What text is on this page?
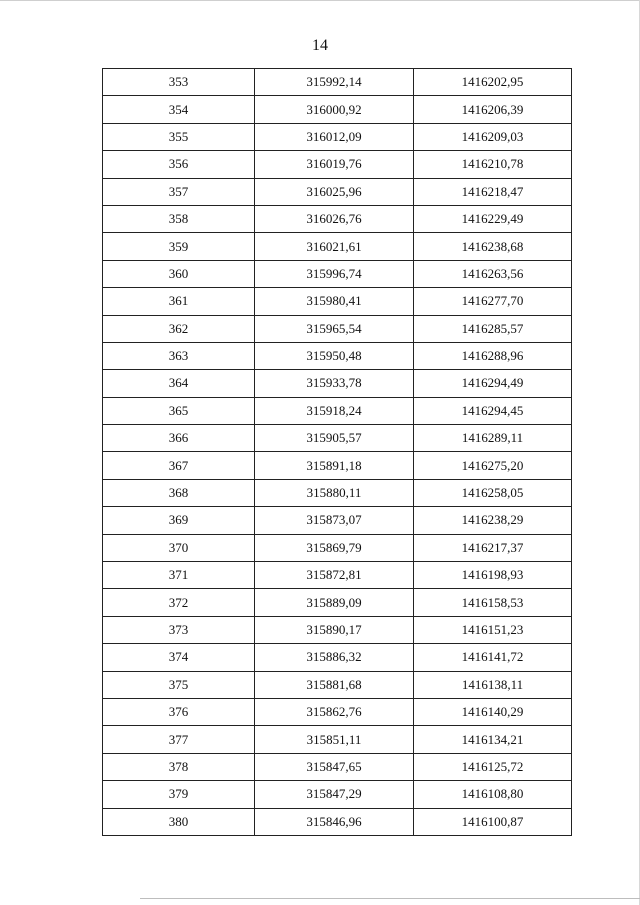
14
353	315992,14	1416202,95
354	316000,92	1416206,39
355	316012,09	1416209,03
356	316019,76	1416210,78
357	316025,96	1416218,47
358	316026,76	1416229,49
359	316021,61	1416238,68
360	315996,74	1416263,56
361	315980,41	1416277,70
362	315965,54	1416285,57
363	315950,48	1416288,96
364	315933,78	1416294,49
365	315918,24	1416294,45
366	315905,57	1416289,11
367	315891,18	1416275,20
368	315880,11	1416258,05
369	315873,07	1416238,29
370	315869,79	1416217,37
371	315872,81	1416198,93
372	315889,09	1416158,53
373	315890,17	1416151,23
374	315886,32	1416141,72
375	315881,68	1416138,11
376	315862,76	1416140,29
377	315851,11	1416134,21
378	315847,65	1416125,72
379	315847,29	1416108,80
380	315846,96	1416100,87
